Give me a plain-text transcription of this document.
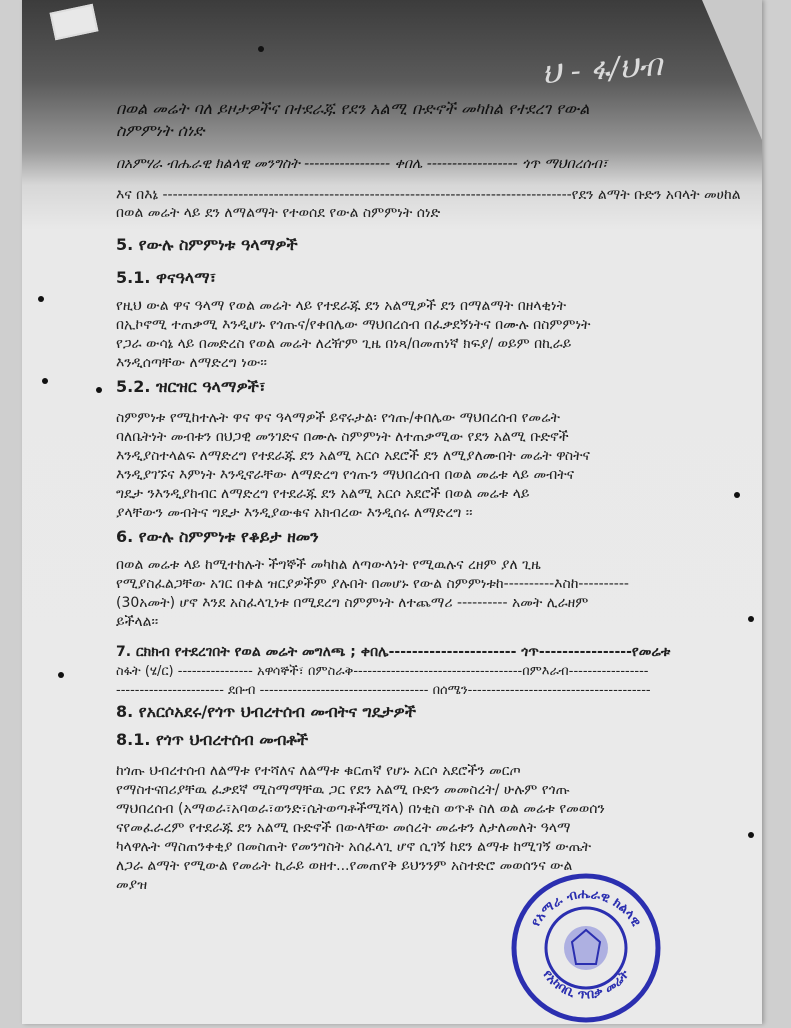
ህ - ፋ/ህብ
በወል መሬት ባለ ይዞታዎችና በተደራጁ የደን አልሚ ቡድኖች መካከል የተደረገ የውል
ስምምነት ሰነድ
በአምሃራ ብሔራዊ ክልላዊ መንግስት ----------------- ቀበሌ ------------------ ጎጥ ማህበረሰብ፣
እና በእኔ ---------------------------------------------------------------------------------የደን ልማት ቡድን አባላት መሀከል
በወል መሬት ላይ ደን ለማልማት የተወሰደ የውል ስምምነት ሰነድ
5. የውሉ ስምምነቱ ዓላማዎች
5.1. ዋናዓላማ፣
የዚህ ውል ዋና ዓላማ የወል መሬት ላይ የተደራጁ ደን አልሚዎች ደን በማልማት በዘላቂነት
በኢኮኖሚ ተጠቃሚ እንዲሆኑ የጎጡና/የቀበሌው ማህበረሰብ በፈቃደኝነትና በሙሉ በስምምነት
የጋራ ውሳኔ ላይ በመድረስ የወል መሬት ለረዥም ጊዜ በነጻ/በመጠነኛ ክፍያ/ ወይም በኪራይ
እንዲሰጣቸው ለማድረግ ነው፡፡
5.2. ዝርዝር ዓላማዎች፣
ስምምነቱ የሚከተሉት ዋና ዋና ዓላማዎች ይኖሩታል፡ የጎጡ/ቀበሌው ማህበረሰብ የመሬት
ባለቤትነት መብቱን በህጋዊ መንገድና በሙሉ ስምምነት ለተጠቃሚው የደን አልሚ ቡድኖች
እንዲያስተላልፍ ለማድረግ የተደራጁ ደን አልሚ አርሶ አደሮች ደን ለሚያለሙበት መሬት ዋስትና
እንዲያገኙና እምነት እንዲኖራቸው ለማድረግ የጎጡን ማህበረሰብ በወል መሬቱ ላይ መብትና
ግዴታ ንእንዲያከብር ለማድረግ የተደራጁ ደን አልሚ አርሶ አደሮች በወል መሬቱ ላይ
ያላቸውን መብትና ግዴታ እንዲያውቁና አክብረው እንዲሰሩ ለማድረግ ፡፡
6. የውሉ ስምምነቱ የቆይታ ዘመን
በወል መሬቱ ላይ ከሚተከሉት ችግኞች መካከል ለጣውላነት የሚዉሉና ረዘም ያለ ጊዜ
የሚያስፈልጋቸው አገር በቀል ዝርያዎችም ያሉበት በመሆኑ የውል ስምምነቱከ----------እስከ----------
(30አመት) ሆኖ እንደ አስፈላጊነቱ በሚደረግ ስምምነት ለተጨማሪ ---------- አመት ሊራዘም
ይችላል፡፡
7. ርክክብ የተደረገበት የወል መሬት መግለጫ ; ቀበሌ---------------------- ጎጥ----------------የመሬቱ
ስፋት (ሄ/ር) ---------------- አዋሳኞች፣ በምስራቅ------------------------------------በምእራብ-----------------
----------------------- ደቡብ ------------------------------------ በሰሜን---------------------------------------
8. የአርሶአደሩ/የጎጥ ህብረተሰብ መብትና ግዴታዎች
8.1. የጎጥ ህብረተሰብ መብቶች
ከጎጡ ህብረተሰብ ለልማቱ የተሻለና ለልማቱ ቁርጠኛ የሆኑ አርሶ አደሮችን መርጦ
የማስተናበሪያቸዉ ፈቃደኛ ሚስማማቸዉ ጋር የደን አልሚ ቡድን መመስረት/ ሁሉም የጎጡ
ማህበረሰብ (አማወራ፣አባወራ፣ወንድ፣ሴትወጣቶችሚሻላ) በነቂስ ወጥቶ ስለ ወል መሬቱ የመወሰን
ናየመፈራረም የተደራጁ ደን አልሚ ቡድኖች በውላቸው መሰረት መሬቱን ለታለመለት ዓላማ
ካላዋሉት ማስጠንቀቂያ በመስጠት የመንግስት አሰፈላጊ ሆኖ ሲገኝ ከደን ልማቱ ከሚገኝ ውጤት
ለጋራ ልማት የሚውል የመሬት ኪራይ ወዘተ...የመጠየቅ ይህንንም አስተድሮ መወሰንና ውል
መያዝ
የአማራ ብሔራዊ ክልላዊ
የአካባቢ ጥበቃ መሬት
